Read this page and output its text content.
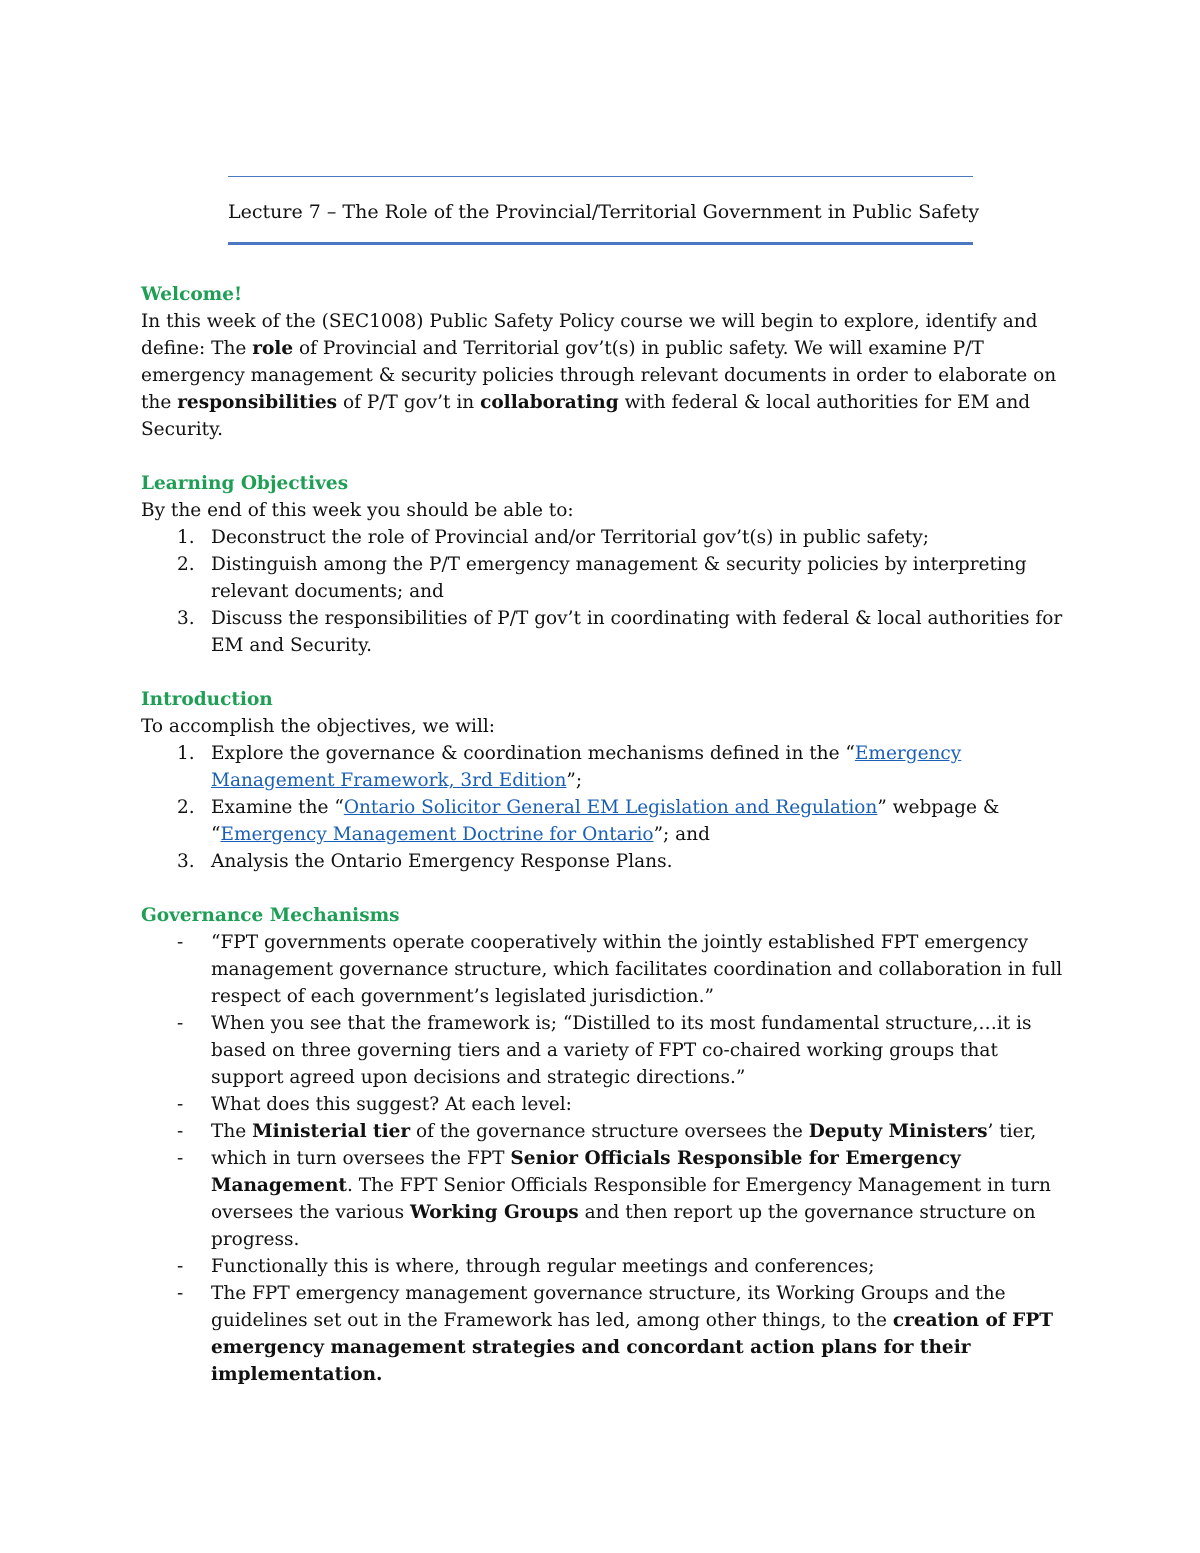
Lecture 7 – The Role of the Provincial/Territorial Government in Public Safety
Welcome!

In this week of the (SEC1008) Public Safety Policy course we will begin to explore, identify and define: The role of Provincial and Territorial gov’t(s) in public safety. We will examine P/T emergency management & security policies through relevant documents in order to elaborate on the responsibilities of P/T gov’t in collaborating with federal & local authorities for EM and Security.

Learning Objectives

By the end of this week you should be able to:

1. Deconstruct the role of Provincial and/or Territorial gov’t(s) in public safety;
2. Distinguish among the P/T emergency management & security policies by interpreting relevant documents; and
3. Discuss the responsibilities of P/T gov’t in coordinating with federal & local authorities for EM and Security.
Introduction

To accomplish the objectives, we will:

1. Explore the governance & coordination mechanisms defined in the “Emergency Management Framework, 3rd Edition”;
2. Examine the “Ontario Solicitor General EM Legislation and Regulation” webpage & “Emergency Management Doctrine for Ontario”; and
3. Analysis the Ontario Emergency Response Plans.
Governance Mechanisms
- “FPT governments operate cooperatively within the jointly established FPT emergency management governance structure, which facilitates coordination and collaboration in full respect of each government’s legislated jurisdiction.”
- When you see that the framework is; “Distilled to its most fundamental structure,…it is based on three governing tiers and a variety of FPT co-chaired working groups that support agreed upon decisions and strategic directions.”
- What does this suggest? At each level:
- The Ministerial tier of the governance structure oversees the Deputy Ministers’ tier,
- which in turn oversees the FPT Senior Officials Responsible for Emergency Management. The FPT Senior Officials Responsible for Emergency Management in turn oversees the various Working Groups and then report up the governance structure on progress.
- Functionally this is where, through regular meetings and conferences;
- The FPT emergency management governance structure, its Working Groups and the guidelines set out in the Framework has led, among other things, to the creation of FPT emergency management strategies and concordant action plans for their implementation.
